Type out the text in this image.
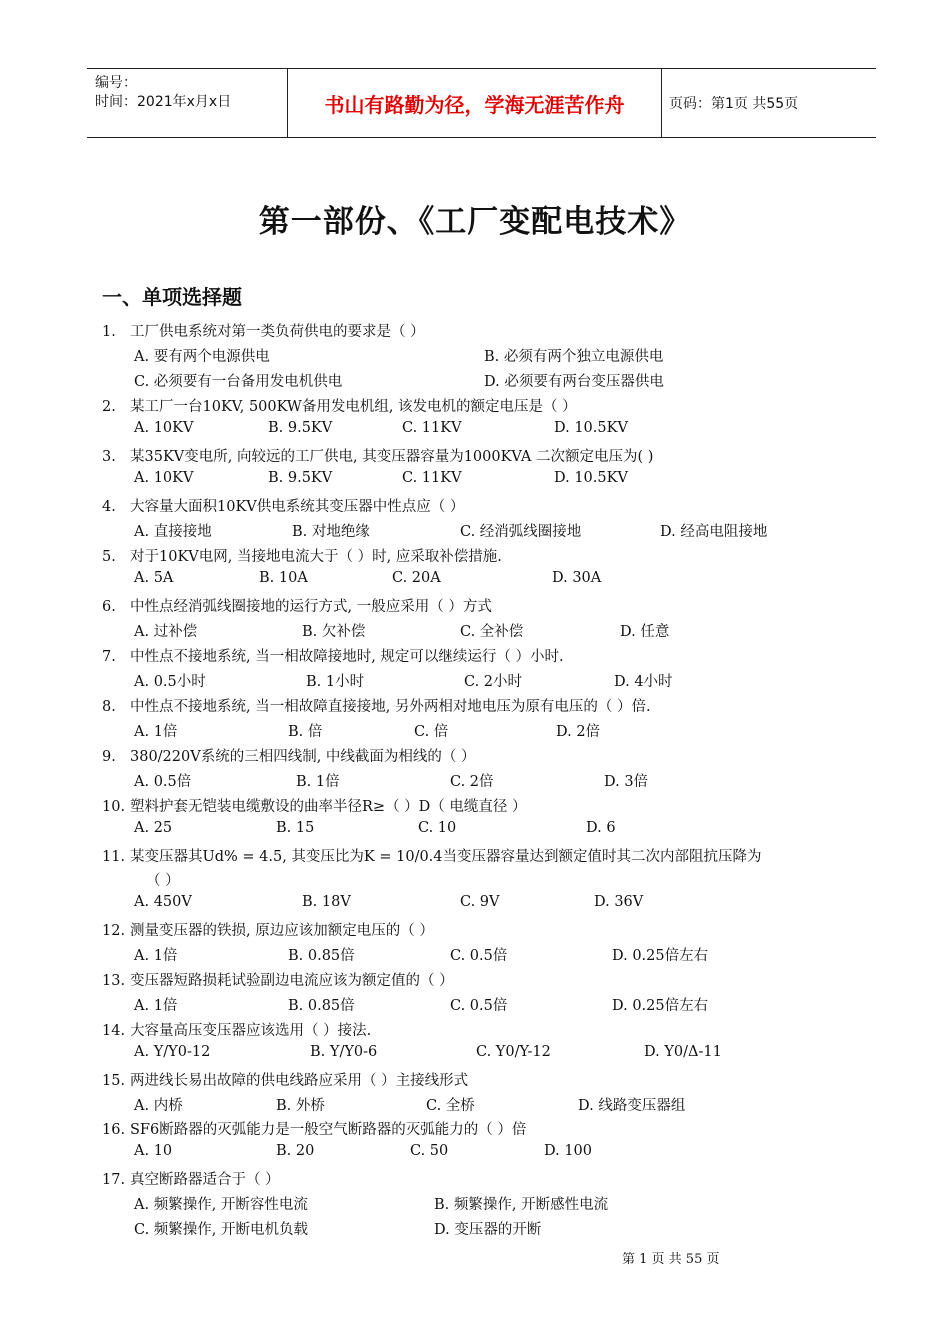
编号：
时间：2021年x月x日	书山有路勤为径，学海无涯苦作舟	页码：第1页 共55页
第一部份、《工厂变配电技术》
一、单项选择题
1. 工厂供电系统对第一类负荷供电的要求是（ ）
A. 要有两个电源供电	B. 必须有两个独立电源供电
C. 必须要有一台备用发电机供电	D. 必须要有两台变压器供电
2. 某工厂一台10KV, 500KW备用发电机组, 该发电机的额定电压是（ ）
A. 10KV	B. 9.5KV	C. 11KV	D. 10.5KV
3. 某35KV变电所, 向较远的工厂供电, 其变压器容量为1000KVA 二次额定电压为( )
A. 10KV	B. 9.5KV	C. 11KV	D. 10.5KV
4. 大容量大面积10KV供电系统其变压器中性点应（ ）
A. 直接接地	B. 对地绝缘	C. 经消弧线圈接地	D. 经高电阻接地
5. 对于10KV电网, 当接地电流大于（ ）时, 应采取补偿措施.
A. 5A	B. 10A	C. 20A	D. 30A
6. 中性点经消弧线圈接地的运行方式, 一般应采用（ ）方式
A. 过补偿	B. 欠补偿	C. 全补偿	D. 任意
7. 中性点不接地系统, 当一相故障接地时, 规定可以继续运行（ ）小时.
A. 0.5小时	B. 1小时	C. 2小时	D. 4小时
8. 中性点不接地系统, 当一相故障直接接地, 另外两相对地电压为原有电压的（ ）倍.
A. 1倍	B. 倍	C. 倍	D. 2倍
9. 380/220V系统的三相四线制, 中线截面为相线的（ ）
A. 0.5倍	B. 1倍	C. 2倍	D. 3倍
10. 塑料护套无铠装电缆敷设的曲率半径R≥（ ）D（ 电缆直径 ）
A. 25	B. 15	C. 10	D. 6
11. 某变压器其Ud% = 4.5, 其变压比为K = 10/0.4当变压器容量达到额定值时其二次内部阻抗压降为
（ ）
A. 450V	B. 18V	C. 9V	D. 36V
12. 测量变压器的铁损, 原边应该加额定电压的（ ）
A. 1倍	B. 0.85倍	C. 0.5倍	D. 0.25倍左右
13. 变压器短路损耗试验副边电流应该为额定值的（ ）
A. 1倍	B. 0.85倍	C. 0.5倍	D. 0.25倍左右
14. 大容量高压变压器应该选用（ ）接法.
A. Y/Y0-12	B. Y/Y0-6	C. Y0/Y-12	D. Y0/Δ-11
15. 两进线长易出故障的供电线路应采用（ ）主接线形式
A. 内桥	B. 外桥	C. 全桥	D. 线路变压器组
16. SF6断路器的灭弧能力是一般空气断路器的灭弧能力的（ ）倍
A. 10	B. 20	C. 50	D. 100
17. 真空断路器适合于（ ）
A. 频繁操作, 开断容性电流	B. 频繁操作, 开断感性电流
C. 频繁操作, 开断电机负载	D. 变压器的开断
第 1 页 共 55 页
